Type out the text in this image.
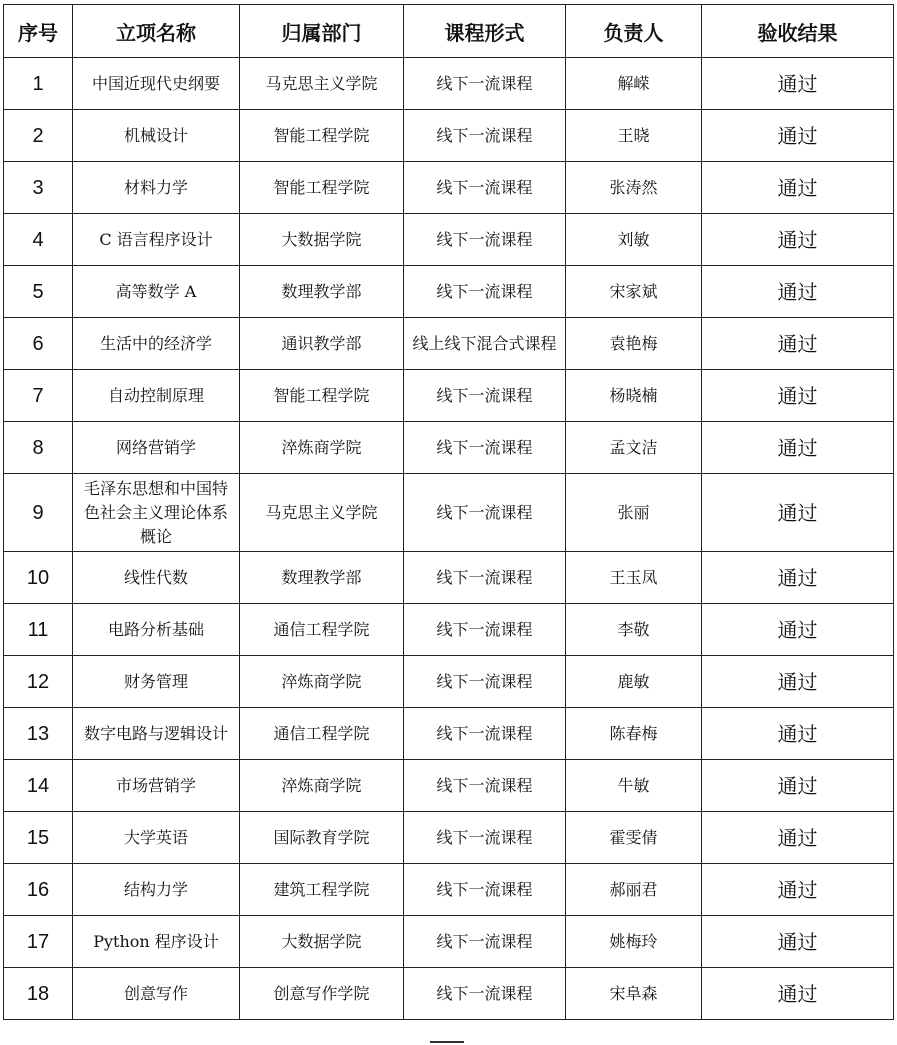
序号	立项名称	归属部门	课程形式	负责人	验收结果
1	中国近现代史纲要	马克思主义学院	线下一流课程	解嵘	通过
2	机械设计	智能工程学院	线下一流课程	王晓	通过
3	材料力学	智能工程学院	线下一流课程	张涛然	通过
4	C 语言程序设计	大数据学院	线下一流课程	刘敏	通过
5	高等数学 A	数理教学部	线下一流课程	宋家斌	通过
6	生活中的经济学	通识教学部	线上线下混合式课程	袁艳梅	通过
7	自动控制原理	智能工程学院	线下一流课程	杨晓楠	通过
8	网络营销学	淬炼商学院	线下一流课程	孟文洁	通过
9	毛泽东思想和中国特色社会主义理论体系概论	马克思主义学院	线下一流课程	张丽	通过
10	线性代数	数理教学部	线下一流课程	王玉凤	通过
11	电路分析基础	通信工程学院	线下一流课程	李敬	通过
12	财务管理	淬炼商学院	线下一流课程	鹿敏	通过
13	数字电路与逻辑设计	通信工程学院	线下一流课程	陈春梅	通过
14	市场营销学	淬炼商学院	线下一流课程	牛敏	通过
15	大学英语	国际教育学院	线下一流课程	霍雯倩	通过
16	结构力学	建筑工程学院	线下一流课程	郝丽君	通过
17	Python 程序设计	大数据学院	线下一流课程	姚梅玲	通过
18	创意写作	创意写作学院	线下一流课程	宋阜森	通过
